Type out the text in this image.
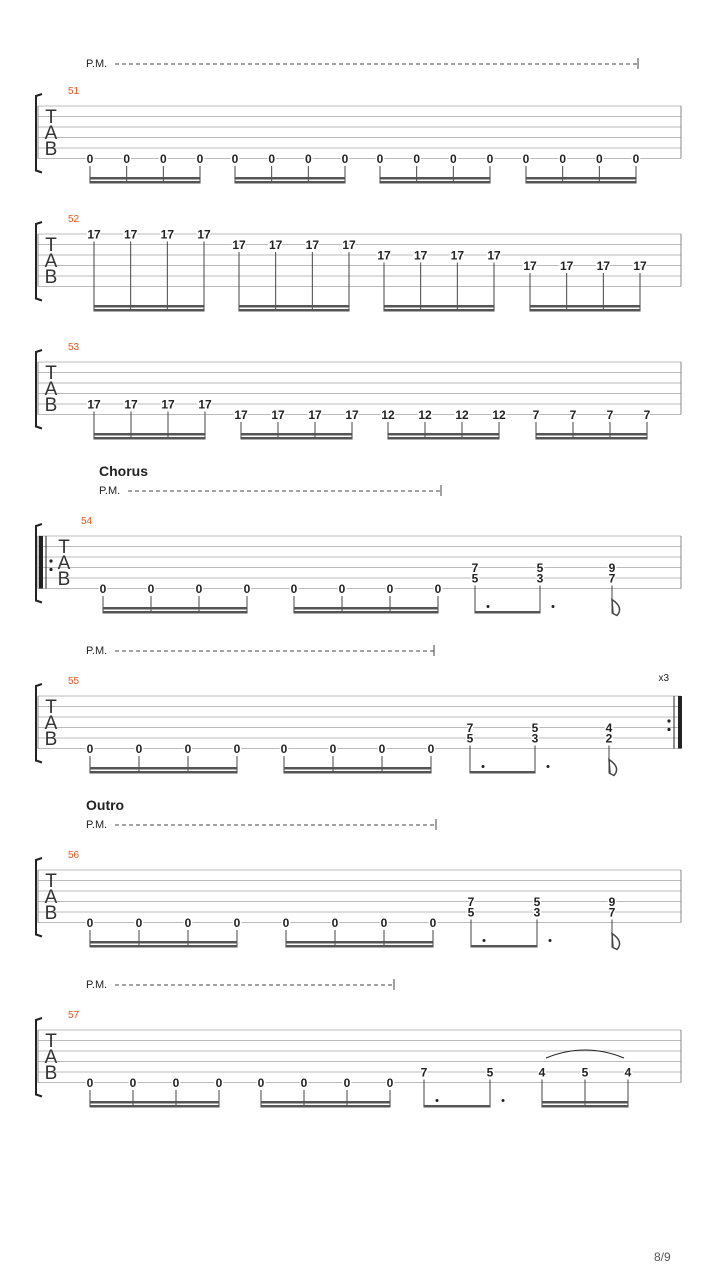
P.M.
51
T
A
B 0 0 0 0 0 0 0 0 0 0 0 0 0 0 0 0
52
T
A
B
17 17 17 17
17 17 17 17
17 17 17 17
17 17 17 17
53
T
A
B 17 17 17 17
17 17 17 17 12 12 12 12 7	7	7	7
Chorus
P.M.
54
T
A
B 0	0	0	0	0	0	0	0
7
5
5
3
9
7
P.M.
55
T
A
B
x3
0	0	0	0	0	0	0	0
7
5
5
3
4
2
Outro
P.M.
56
T
A
B 0	0	0	0	0	0	0	0
7
5
5
3
9
7
P.M.
57
T
A
B 0	0	0	0	0	0	0	0
7	5	4	5	4
8/9
